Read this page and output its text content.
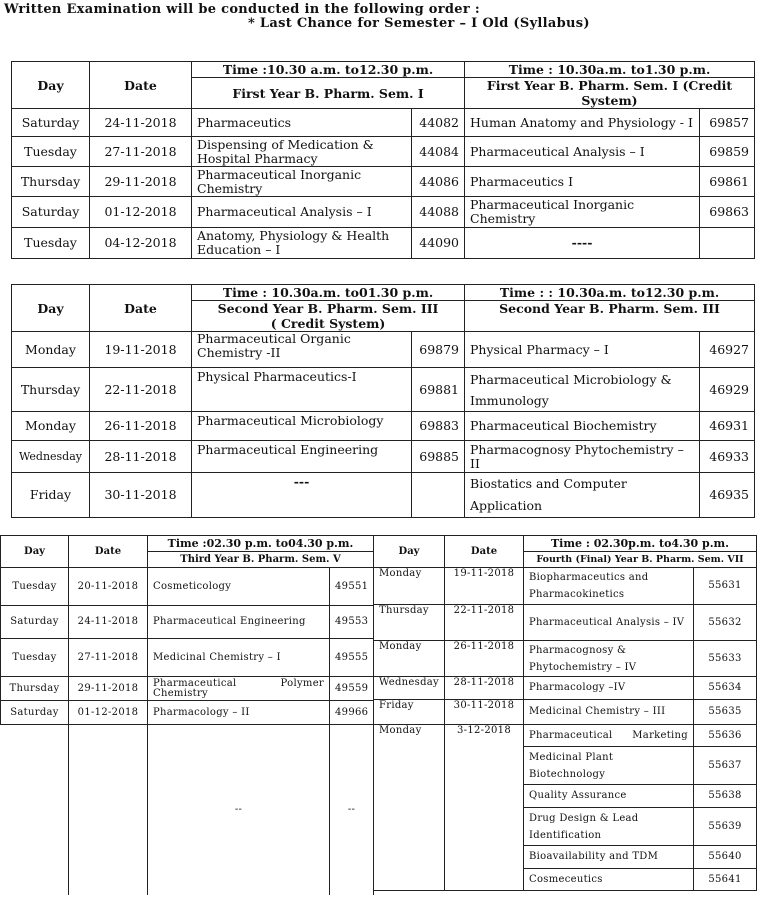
Written Examination will be conducted in the following order :
* Last Chance for Semester – I Old (Syllabus)
Day	Date	Time :10.30 a.m. to12.30 p.m.		Time : 10.30a.m. to1.30 p.m.	
		First Year B. Pharm. Sem. I		First Year B. Pharm. Sem. I (Credit System)	
Saturday	24-11-2018	Pharmaceutics	44082	Human Anatomy and Physiology - I	69857
Tuesday	27-11-2018	Dispensing of Medication & Hospital Pharmacy	44084	Pharmaceutical Analysis – I	69859
Thursday	29-11-2018	Pharmaceutical Inorganic Chemistry	44086	Pharmaceutics I	69861
Saturday	01-12-2018	Pharmaceutical Analysis – I	44088	Pharmaceutical Inorganic Chemistry	69863
Tuesday	04-12-2018	Anatomy, Physiology & Health Education – I	44090	----	
Day	Date	Time : 10.30a.m. to01.30 p.m.		Time : : 10.30a.m. to12.30 p.m.	

		Second Year B. Pharm. Sem. III
( Credit System)		Second Year B. Pharm. Sem. III	
Monday	19-11-2018	Pharmaceutical Organic Chemistry -II	69879	Physical Pharmacy – I	46927
Thursday	22-11-2018	Physical Pharmaceutics-I	69881	Pharmaceutical Microbiology & Immunology	46929
Monday	26-11-2018	Pharmaceutical Microbiology	69883	Pharmaceutical Biochemistry	46931
Wednesday	28-11-2018	Pharmaceutical Engineering	69885	Pharmacognosy Phytochemistry – II	46933
Friday	30-11-2018	---		Biostatics and Computer Application	46935
Day	Date	Time :02.30 p.m. to04.30 p.m.	
		Third Year B. Pharm. Sem. V	
Tuesday	20-11-2018	Cosmeticology	49551
Saturday	24-11-2018	Pharmaceutical Engineering	49553
Tuesday	27-11-2018	Medicinal Chemistry – I	49555
Thursday	29-11-2018	Pharmaceutical Polymer Chemistry	49559
Saturday	01-12-2018	Pharmacology – II	49966
		--	--
Day	Date	Time : 02.30p.m. to4.30 p.m.	
		Fourth (Final) Year B. Pharm. Sem. VII	
Monday	19-11-2018	Biopharmaceutics and Pharmacokinetics	55631
Thursday	22-11-2018	Pharmaceutical Analysis – IV	55632
Monday	26-11-2018	Pharmacognosy & Phytochemistry – IV	55633
Wednesday	28-11-2018	Pharmacology –IV	55634
Friday	30-11-2018	Medicinal Chemistry – III	55635
Monday	3-12-2018	Pharmaceutical Marketing	55636
		Medicinal Plant Biotechnology	55637
		Quality Assurance	55638
		Drug Design & Lead Identification	55639
		Bioavailability and TDM	55640
		Cosmeceutics	55641
